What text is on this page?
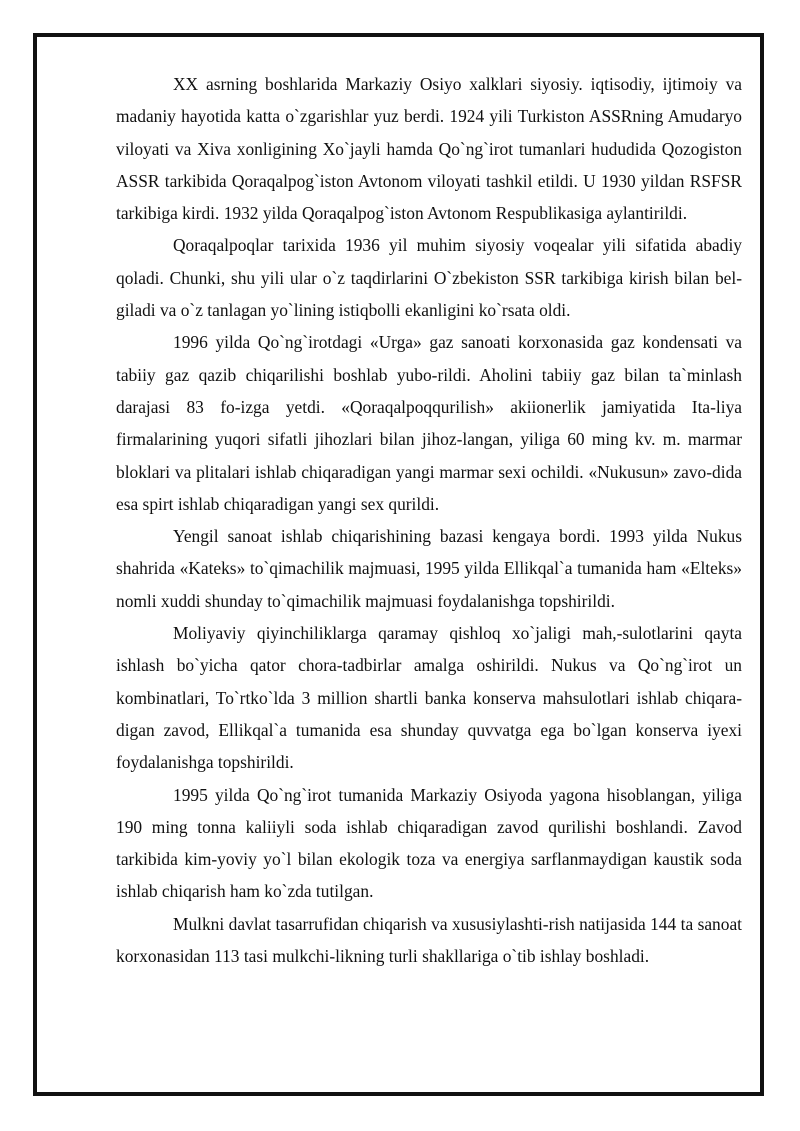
XX asrning boshlarida Markaziy Osiyo xalklari siyosiy. iqtisodiy, ijtimoiy va madaniy hayotida katta o`zgarishlar yuz berdi. 1924 yili Turkiston ASSRning Amudaryo viloyati va Xiva xonligining Xo`jayli hamda Qo`ng`irot tumanlari hududida Qozogiston ASSR tarkibida Qoraqalpog`iston Avtonom viloyati tashkil etildi. U 1930 yildan RSFSR tarkibiga kirdi. 1932 yilda Qoraqalpog`iston Avtonom Respublikasiga aylantirildi.

Qoraqalpoqlar tarixida 1936 yil muhim siyosiy voqealar yili sifatida abadiy qoladi. Chunki, shu yili ular o`z taqdirlarini O`zbekiston SSR tarkibiga kirish bilan bel-giladi va o`z tanlagan yo`lining istiqbolli ekanligini ko`rsata oldi.

1996 yilda Qo`ng`irotdagi «Urga» gaz sanoati korxonasida gaz kondensati va tabiiy gaz qazib chiqarilishi boshlab yubo-rildi. Aholini tabiiy gaz bilan ta`minlash darajasi 83 fo-izga yetdi. «Qoraqalpoqqurilish» akiionerlik jamiyatida Ita-liya firmalarining yuqori sifatli jihozlari bilan jihoz-langan, yiliga 60 ming kv. m. marmar bloklari va plitalari ishlab chiqaradigan yangi marmar sexi ochildi. «Nukusun» zavo-dida esa spirt ishlab chiqaradigan yangi sex qurildi.

Yengil sanoat ishlab chiqarishining bazasi kengaya bordi. 1993 yilda Nukus shahrida «Kateks» to`qimachilik majmuasi, 1995 yilda Ellikqal`a tumanida ham «Elteks» nomli xuddi shunday to`qimachilik majmuasi foydalanishga topshirildi.

Moliyaviy qiyinchiliklarga qaramay qishloq xo`jaligi mah,-sulotlarini qayta ishlash bo`yicha qator chora-tadbirlar amalga oshirildi. Nukus va Qo`ng`irot un kombinatlari, To`rtko`lda 3 million shartli banka konserva mahsulotlari ishlab chiqara-digan zavod, Ellikqal`a tumanida esa shunday quvvatga ega bo`lgan konserva iyexi foydalanishga topshirildi.

1995 yilda Qo`ng`irot tumanida Markaziy Osiyoda yagona hisoblangan, yiliga 190 ming tonna kaliiyli soda ishlab chiqaradigan zavod qurilishi boshlandi. Zavod tarkibida kim-yoviy yo`l bilan ekologik toza va energiya sarflanmaydigan kaustik soda ishlab chiqarish ham ko`zda tutilgan.

Mulkni davlat tasarrufidan chiqarish va xususiylashti-rish natijasida 144 ta sanoat korxonasidan 113 tasi mulkchi-likning turli shakllariga o`tib ishlay boshladi.
